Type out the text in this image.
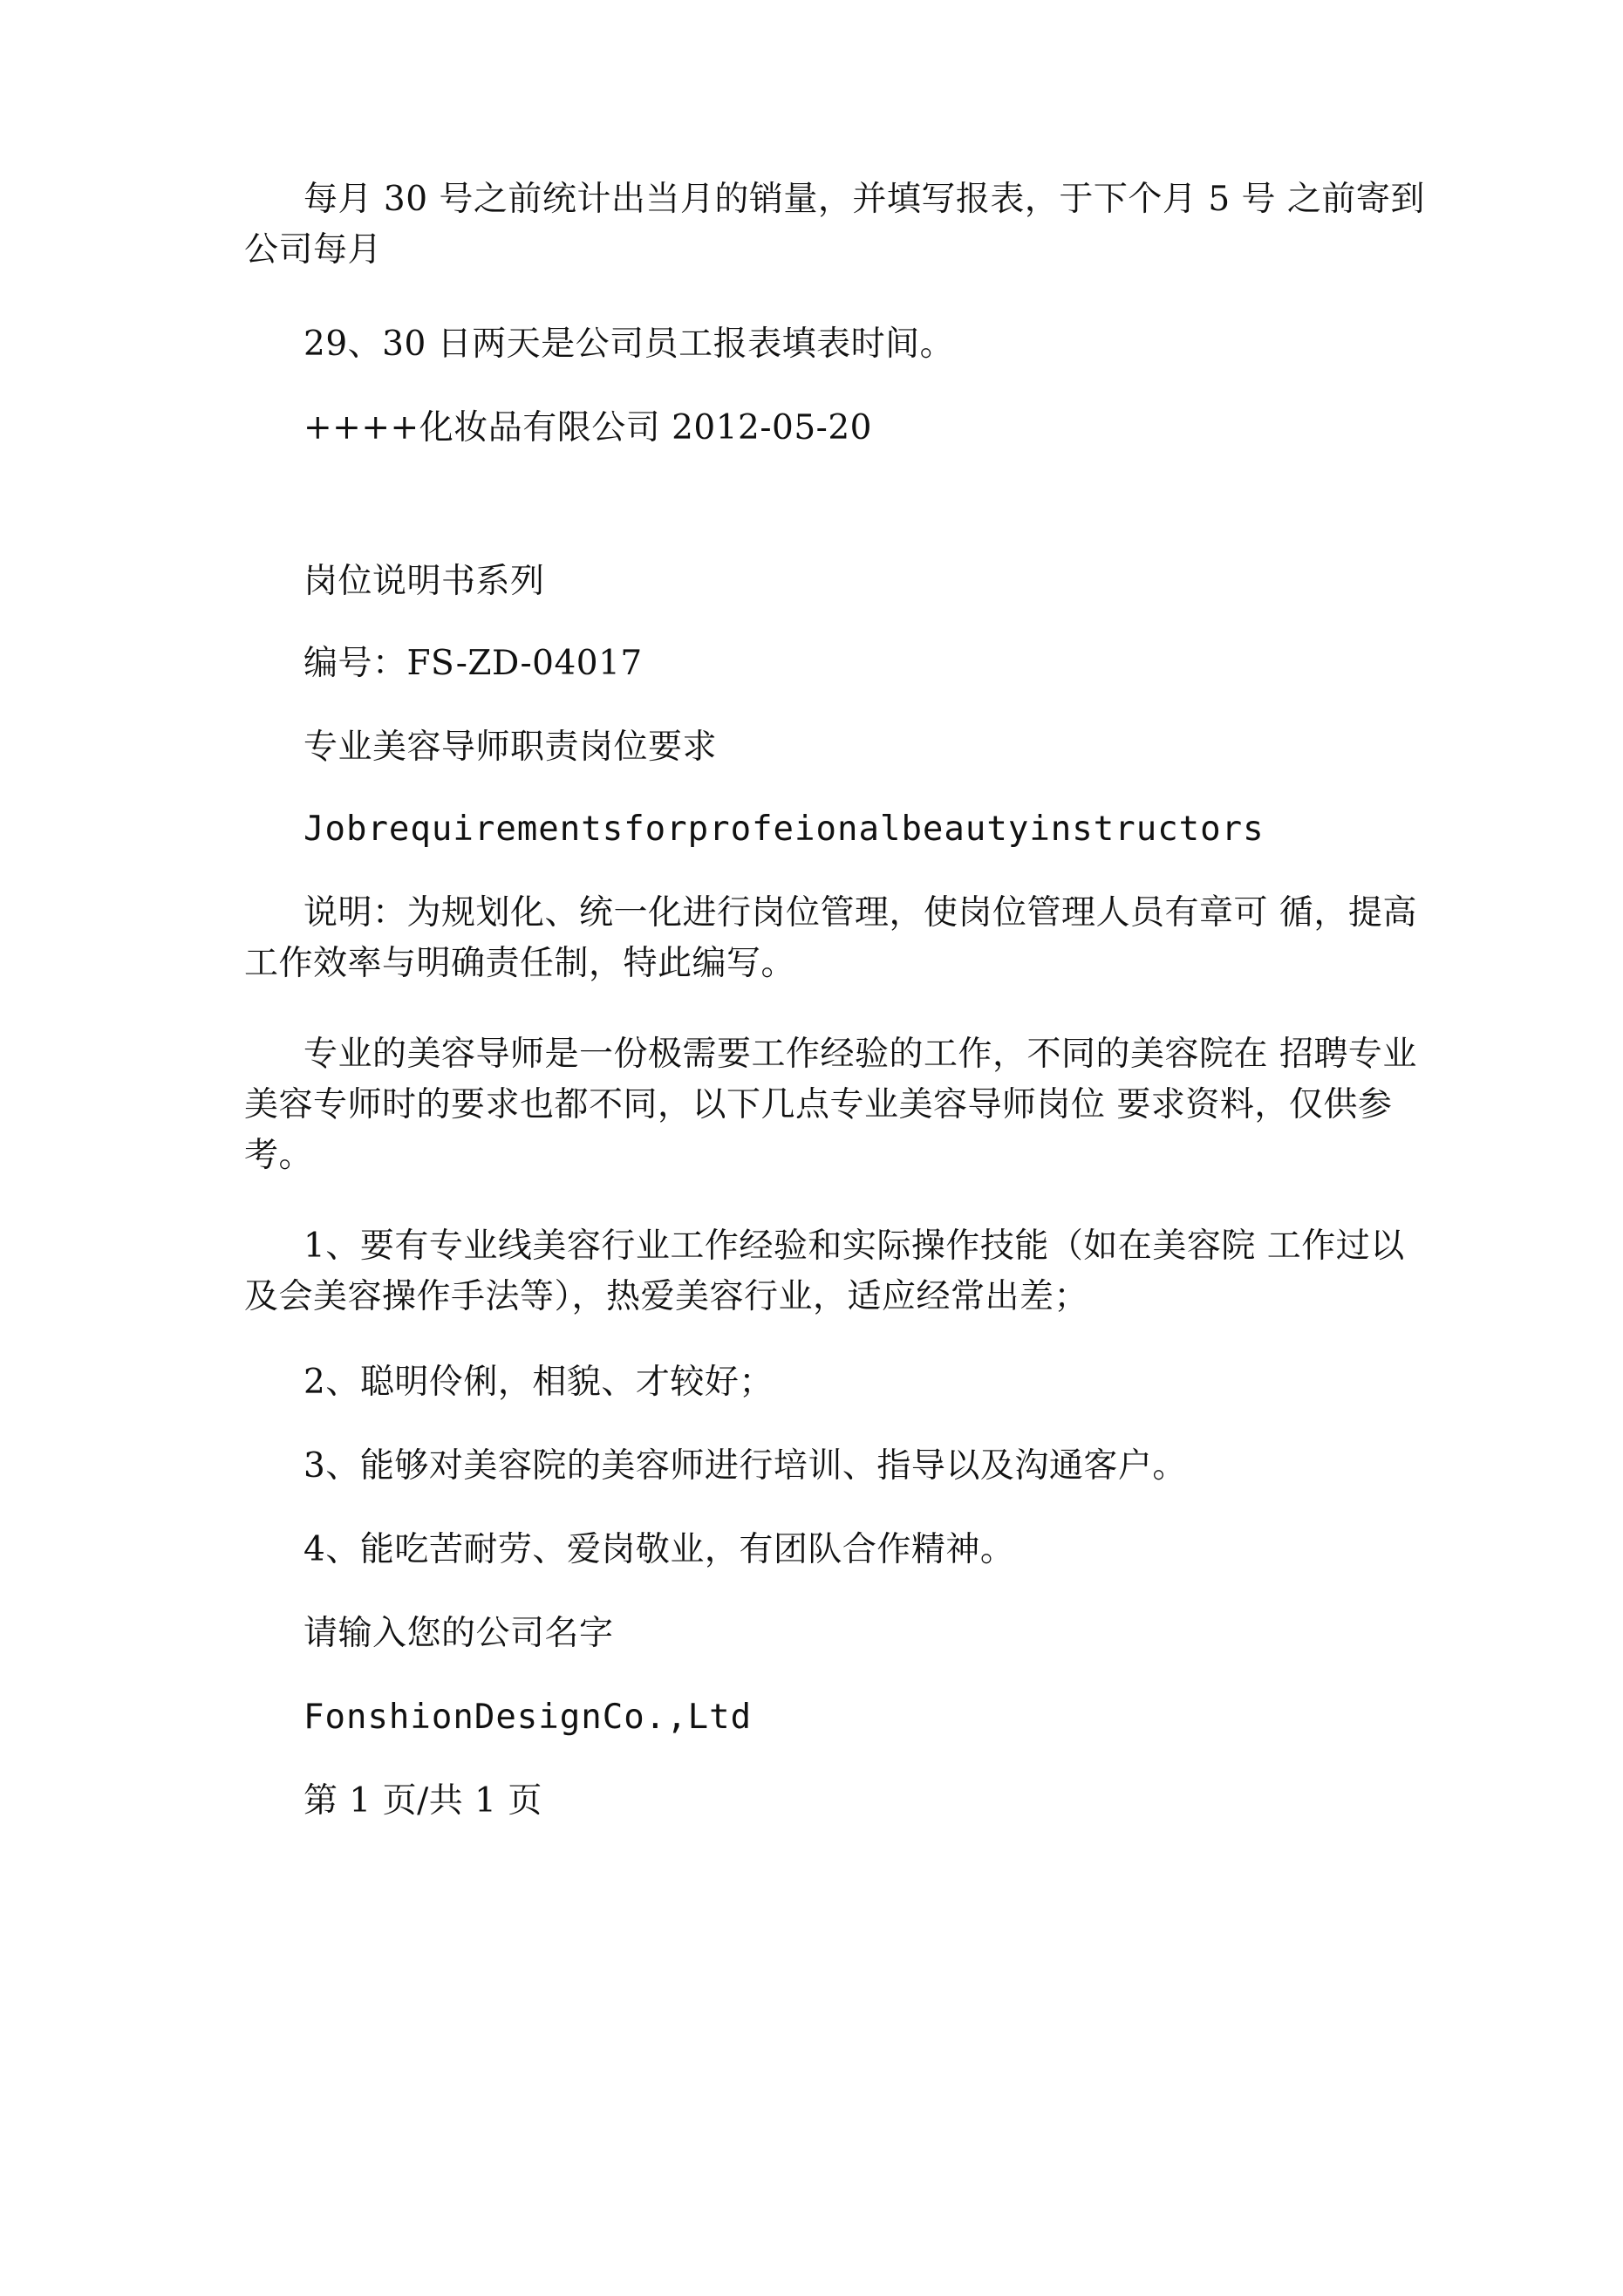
每月 30 号之前统计出当月的销量，并填写报表，于下个月 5 号 之前寄到公司每月

29、30 日两天是公司员工报表填表时间。

++++化妆品有限公司 2012-05-20

岗位说明书系列

编号：FS-ZD-04017

专业美容导师职责岗位要求

Jobrequirementsforprofeionalbeautyinstructors

说明：为规划化、统一化进行岗位管理，使岗位管理人员有章可 循，提高工作效率与明确责任制，特此编写。

专业的美容导师是一份极需要工作经验的工作，不同的美容院在 招聘专业美容专师时的要求也都不同，以下几点专业美容导师岗位 要求资料，仅供参考。

1、要有专业线美容行业工作经验和实际操作技能（如在美容院 工作过以及会美容操作手法等），热爱美容行业，适应经常出差；

2、聪明伶俐，相貌、才较好；

3、能够对美容院的美容师进行培训、指导以及沟通客户。

4、能吃苦耐劳、爱岗敬业，有团队合作精神。

请输入您的公司名字

FonshionDesignCo.,Ltd

第 1 页/共 1 页
